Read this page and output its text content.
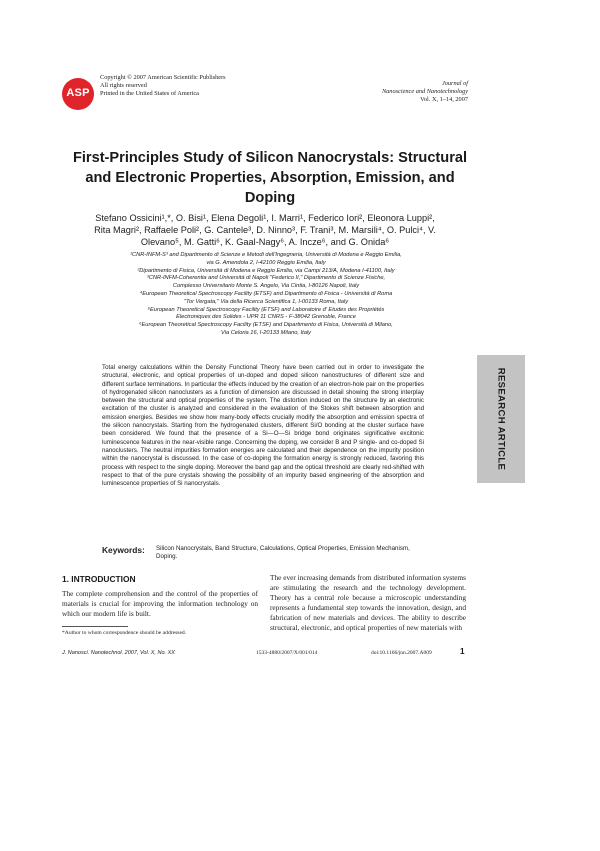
ASP
Copyright © 2007 American Scientific Publishers
All rights reserved
Printed in the United States of America
Journal of
Nanoscience and Nanotechnology
Vol. X, 1–14, 2007
First-Principles Study of Silicon Nanocrystals: Structural and Electronic Properties, Absorption, Emission, and Doping
Stefano Ossicini¹,*, O. Bisi¹, Elena Degoli¹, I. Marri¹, Federico Iori², Eleonora Luppi², Rita Magri², Raffaele Poli², G. Cantele³, D. Ninno³, F. Trani³, M. Marsili⁴, O. Pulci⁴, V. Olevano⁵, M. Gatti⁶, K. Gaal-Nagy⁶, A. Incze⁶, and G. Onida⁶
¹CNR-INFM-S³ and Dipartimento di Scienze e Metodi dell'Ingegneria, Università di Modena e Reggio Emilia,
via G. Amendola 2, I-42100 Reggio Emilia, Italy
²Dipartimento di Fisica, Università di Modena e Reggio Emilia, via Campi 213/A, Modena I-41100, Italy
³CNR-INFM-Coherentia and Università di Napoli "Federico II," Dipartimento di Scienze Fisiche,
Complesso Universitario Monte S. Angelo, Via Cintia, I-80126 Napoli, Italy
⁴European Theoretical Spectroscopy Facility (ETSF) and Dipartimento di Fisica - Università di Roma
"Tor Vergata," Via della Ricerca Scientifica 1, I-00133 Roma, Italy
⁵European Theoretical Spectroscopy Facility (ETSF) and Laboratoire d' Etudes des Propriétés
Electroniques des Solides - UPR 11 CNRS - F-38042 Grenoble, France
⁶European Theoretical Spectroscopy Facility (ETSF) and Dipartimento di Fisica, Università di Milano,
Via Celoria 16, I-20133 Milano, Italy
Total energy calculations within the Density Functional Theory have been carried out in order to investigate the structural, electronic, and optical properties of un-doped and doped silicon nanostructures of different size and different surface terminations. In particular the effects induced by the creation of an electron-hole pair on the properties of hydrogenated silicon nanoclusters as a function of dimension are discussed in detail showing the strong interplay between the structural and optical properties of the system. The distortion induced on the structure by an electronic excitation of the cluster is analyzed and considered in the evaluation of the Stokes shift between absorption and emission energies. Besides we show how many-body effects crucially modify the absorption and emission spectra of the silicon nanocrystals. Starting from the hydrogenated clusters, different Si/O bonding at the cluster surface have been considered. We found that the presence of a Si—O—Si bridge bond originates significative excitonic luminescence features in the near-visible range. Concerning the doping, we consider B and P single- and co-doped Si nanoclusters. The neutral impurities formation energies are calculated and their dependence on the impurity position within the nanocrystal is discussed. In the case of co-doping the formation energy is strongly reduced, favoring this process with respect to the single doping. Moreover the band gap and the optical threshold are clearly red-shifted with respect to that of the pure crystals showing the possibility of an impurity based engineering of the absorption and luminescence properties of Si nanocrystals.
Keywords: Silicon Nanocrystals, Band Structure, Calculations, Optical Properties, Emission Mechanism, Doping.
RESEARCH ARTICLE
1. INTRODUCTION
The complete comprehension and the control of the properties of materials is crucial for improving the information technology on which our modern life is built.
The ever increasing demands from distributed information systems are stimulating the research and the technology development. Theory has a central role because a microscopic understanding represents a fundamental step towards the innovation, design, and fabrication of new materials and devices. The ability to describe structural, electronic, and optical properties of new materials with
*Author to whom correspondence should be addressed.
J. Nanosci. Nanotechnol. 2007, Vol. X, No. XX	1533-4880/2007/X/001/014	doi:10.1166/jnn.2007.A009	1
